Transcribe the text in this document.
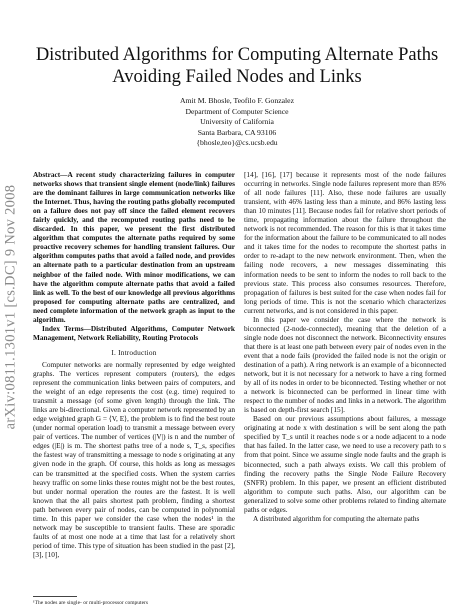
arXiv:0811.1301v1 [cs.DC] 9 Nov 2008
Distributed Algorithms for Computing Alternate Paths Avoiding Failed Nodes and Links
Amit M. Bhosle, Teofilo F. Gonzalez
Department of Computer Science
University of California
Santa Barbara, CA 93106
{bhosle,teo}@cs.ucsb.edu

Abstract—A recent study characterizing failures in computer networks shows that transient single element (node/link) failures are the dominant failures in large communication networks like the Internet. Thus, having the routing paths globally recomputed on a failure does not pay off since the failed element recovers fairly quickly, and the recomputed routing paths need to be discarded. In this paper, we present the first distributed algorithm that computes the alternate paths required by some proactive recovery schemes for handling transient failures. Our algorithm computes paths that avoid a failed node, and provides an alternate path to a particular destination from an upstream neighbor of the failed node. With minor modifications, we can have the algorithm compute alternate paths that avoid a failed link as well. To the best of our knowledge all previous algorithms proposed for computing alternate paths are centralized, and need complete information of the network graph as input to the algorithm.

Index Terms—Distributed Algorithms, Computer Network Management, Network Reliability, Routing Protocols

I. Introduction

Computer networks are normally represented by edge weighted graphs. The vertices represent computers (routers), the edges represent the communication links between pairs of computers, and the weight of an edge represents the cost (e.g. time) required to transmit a message (of some given length) through the link. The links are bi-directional. Given a computer network represented by an edge weighted graph G = ⟨V, E⟩, the problem is to find the best route (under normal operation load) to transmit a message between every pair of vertices. The number of vertices (|V|) is n and the number of edges (|E|) is m. The shortest paths tree of a node s, T_s, specifies the fastest way of transmitting a message to node s originating at any given node in the graph. Of course, this holds as long as messages can be transmitted at the specified costs. When the system carries heavy traffic on some links these routes might not be the best routes, but under normal operation the routes are the fastest. It is well known that the all pairs shortest path problem, finding a shortest path between every pair of nodes, can be computed in polynomial time. In this paper we consider the case when the nodes¹ in the network may be susceptible to transient faults. These are sporadic faults of at most one node at a time that last for a relatively short period of time. This type of situation has been studied in the past [2], [3], [10],

¹The nodes are single- or multi-processor computers

[14], [16], [17] because it represents most of the node failures occurring in networks. Single node failures represent more than 85% of all node failures [11]. Also, these node failures are usually transient, with 46% lasting less than a minute, and 86% lasting less than 10 minutes [11]. Because nodes fail for relative short periods of time, propagating information about the failure throughout the network is not recommended. The reason for this is that it takes time for the information about the failure to be communicated to all nodes and it takes time for the nodes to recompute the shortest paths in order to re-adapt to the new network environment. Then, when the failing node recovers, a new messages disseminating this information needs to be sent to inform the nodes to roll back to the previous state. This process also consumes resources. Therefore, propagation of failures is best suited for the case when nodes fail for long periods of time. This is not the scenario which characterizes current networks, and is not considered in this paper.

In this paper we consider the case where the network is biconnected (2-node-connected), meaning that the deletion of a single node does not disconnect the network. Biconnectivity ensures that there is at least one path between every pair of nodes even in the event that a node fails (provided the failed node is not the origin or destination of a path). A ring network is an example of a biconnected network, but it is not necessary for a network to have a ring formed by all of its nodes in order to be biconnected. Testing whether or not a network is biconnected can be performed in linear time with respect to the number of nodes and links in a network. The algorithm is based on depth-first search [15].

Based on our previous assumptions about failures, a message originating at node x with destination s will be sent along the path specified by T_s until it reaches node s or a node adjacent to a node that has failed. In the latter case, we need to use a recovery path to s from that point. Since we assume single node faults and the graph is biconnected, such a path always exists. We call this problem of finding the recovery paths the Single Node Failure Recovery (SNFR) problem. In this paper, we present an efficient distributed algorithm to compute such paths. Also, our algorithm can be generalized to solve some other problems related to finding alternate paths or edges.

A distributed algorithm for computing the alternate paths
